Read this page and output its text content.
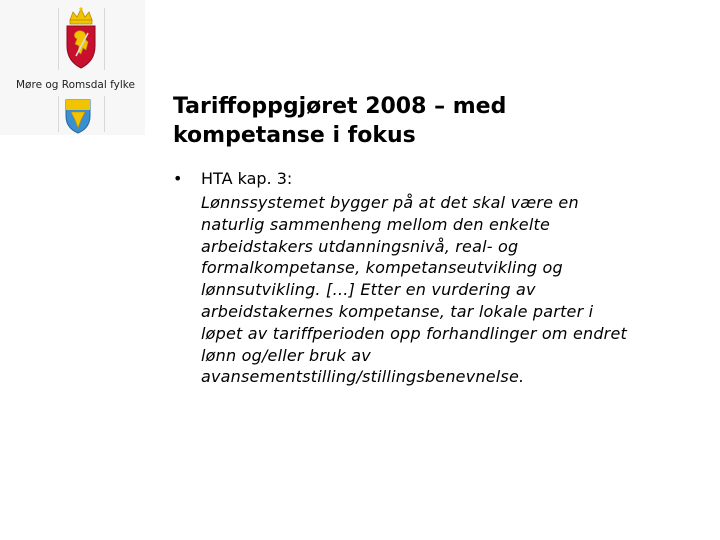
Møre og Romsdal fylke
Tariffoppgjøret 2008 – med
kompetanse i fokus
• HTA kap. 3:
Lønnssystemet bygger på at det skal være en
naturlig sammenheng mellom den enkelte
arbeidstakers utdanningsnivå, real- og
formalkompetanse, kompetanseutvikling og
lønnsutvikling. […] Etter en vurdering av
arbeidstakernes kompetanse, tar lokale parter i
løpet av tariffperioden opp forhandlinger om endret
lønn og/eller bruk av
avansementstilling/stillingsbenevnelse.
